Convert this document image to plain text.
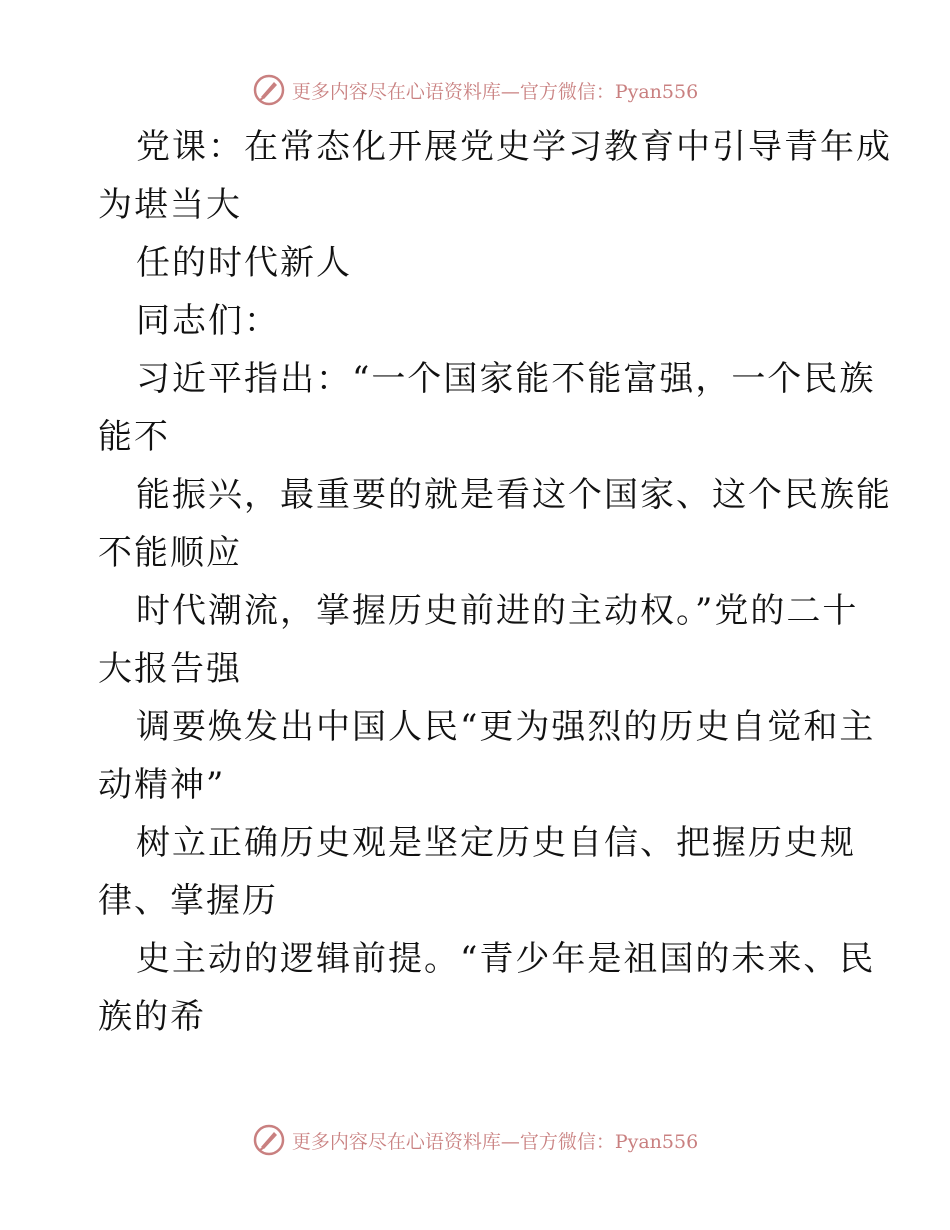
更多内容尽在心语资料库—官方微信：Pyan556
党课：在常态化开展党史学习教育中引导青年成
为堪当大
任的时代新人
同志们：
习近平指出：“一个国家能不能富强，一个民族
能不
能振兴，最重要的就是看这个国家、这个民族能
不能顺应
时代潮流，掌握历史前进的主动权。”党的二十
大报告强
调要焕发出中国人民“更为强烈的历史自觉和主
动精神”
树立正确历史观是坚定历史自信、把握历史规
律、掌握历
史主动的逻辑前提。“青少年是祖国的未来、民
族的希
更多内容尽在心语资料库—官方微信：Pyan556
